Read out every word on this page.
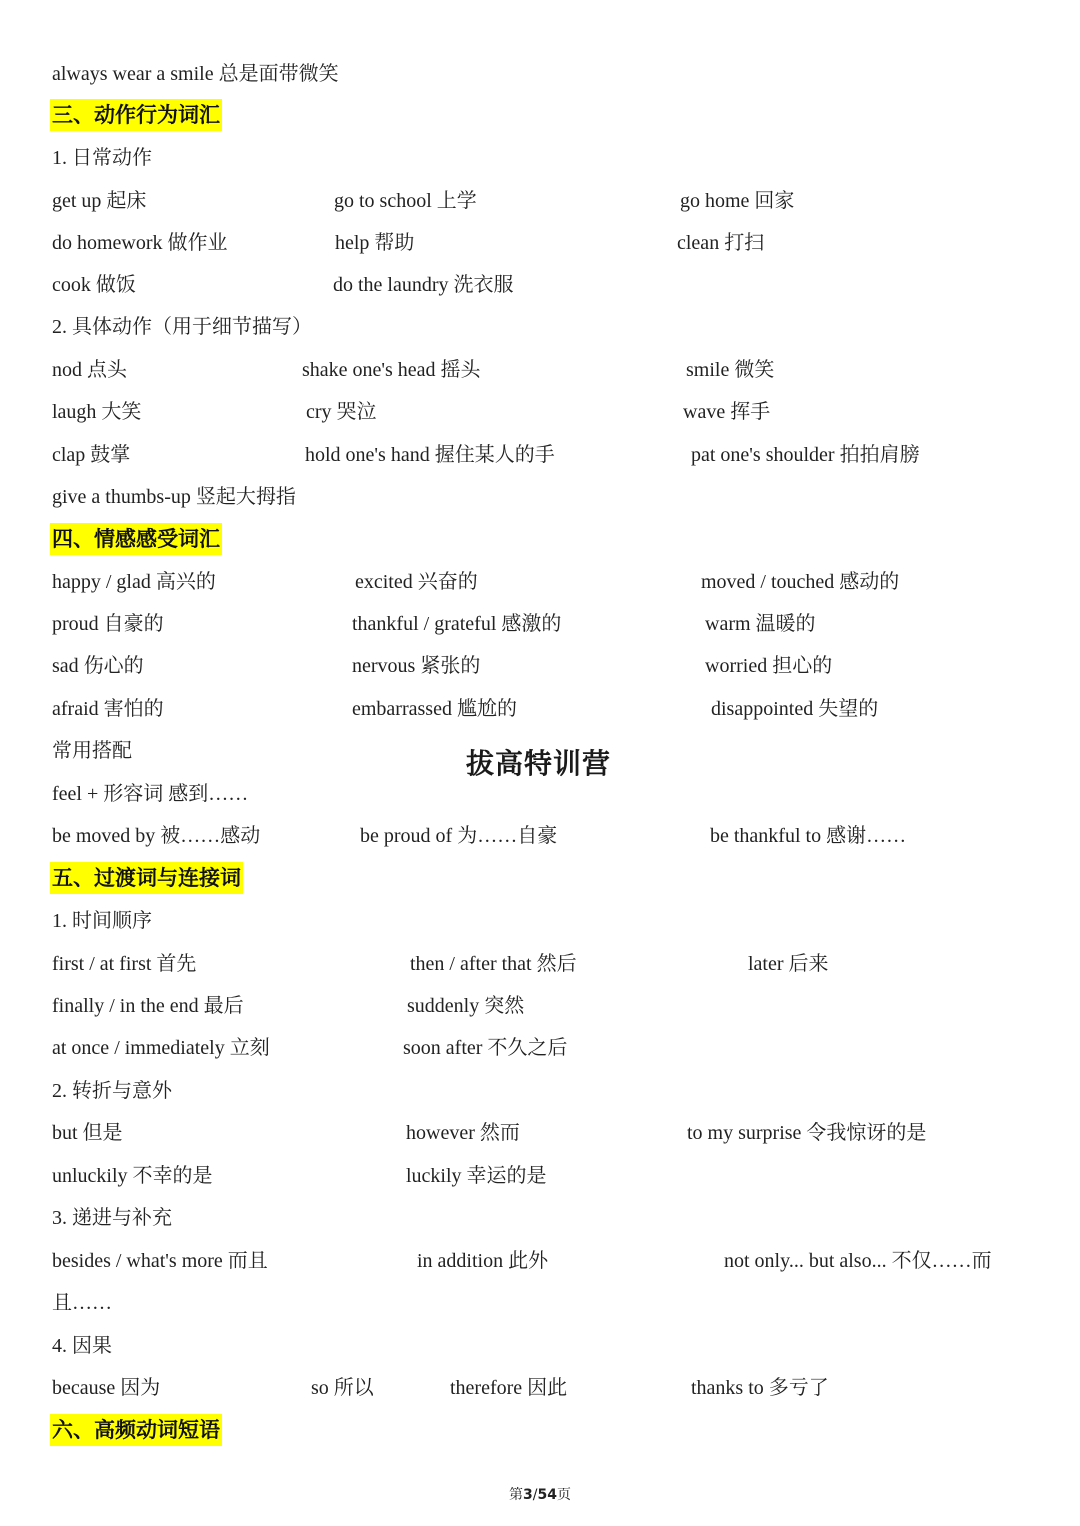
always wear a smile 总是面带微笑
三、动作行为词汇
1. 日常动作
get up 起床	go to school 上学	go home 回家
do homework 做作业	help 帮助	clean 打扫
cook 做饭	do the laundry 洗衣服
2. 具体动作（用于细节描写）
nod 点头	shake one's head 摇头	smile 微笑
laugh 大笑	cry 哭泣	wave 挥手
clap 鼓掌	hold one's hand 握住某人的手	pat one's shoulder 拍拍肩膀
give a thumbs-up 竖起大拇指
四、情感感受词汇
happy / glad 高兴的	excited 兴奋的	moved / touched 感动的
proud 自豪的	thankful / grateful 感激的	warm 温暖的
sad 伤心的	nervous 紧张的	worried 担心的
afraid 害怕的	embarrassed 尴尬的	disappointed 失望的
常用搭配	拔高特训营
feel + 形容词 感到……
be moved by 被……感动	be proud of 为……自豪	be thankful to 感谢……
五、过渡词与连接词
1. 时间顺序
first / at first 首先	then / after that 然后	later 后来
finally / in the end 最后	suddenly 突然
at once / immediately 立刻	soon after 不久之后
2. 转折与意外
but 但是	however 然而	to my surprise 令我惊讶的是
unluckily 不幸的是	luckily 幸运的是
3. 递进与补充
besides / what's more 而且	in addition 此外	not only... but also... 不仅……而
且……
4. 因果
because 因为	so 所以	therefore 因此	thanks to 多亏了
六、高频动词短语
第3/54页
